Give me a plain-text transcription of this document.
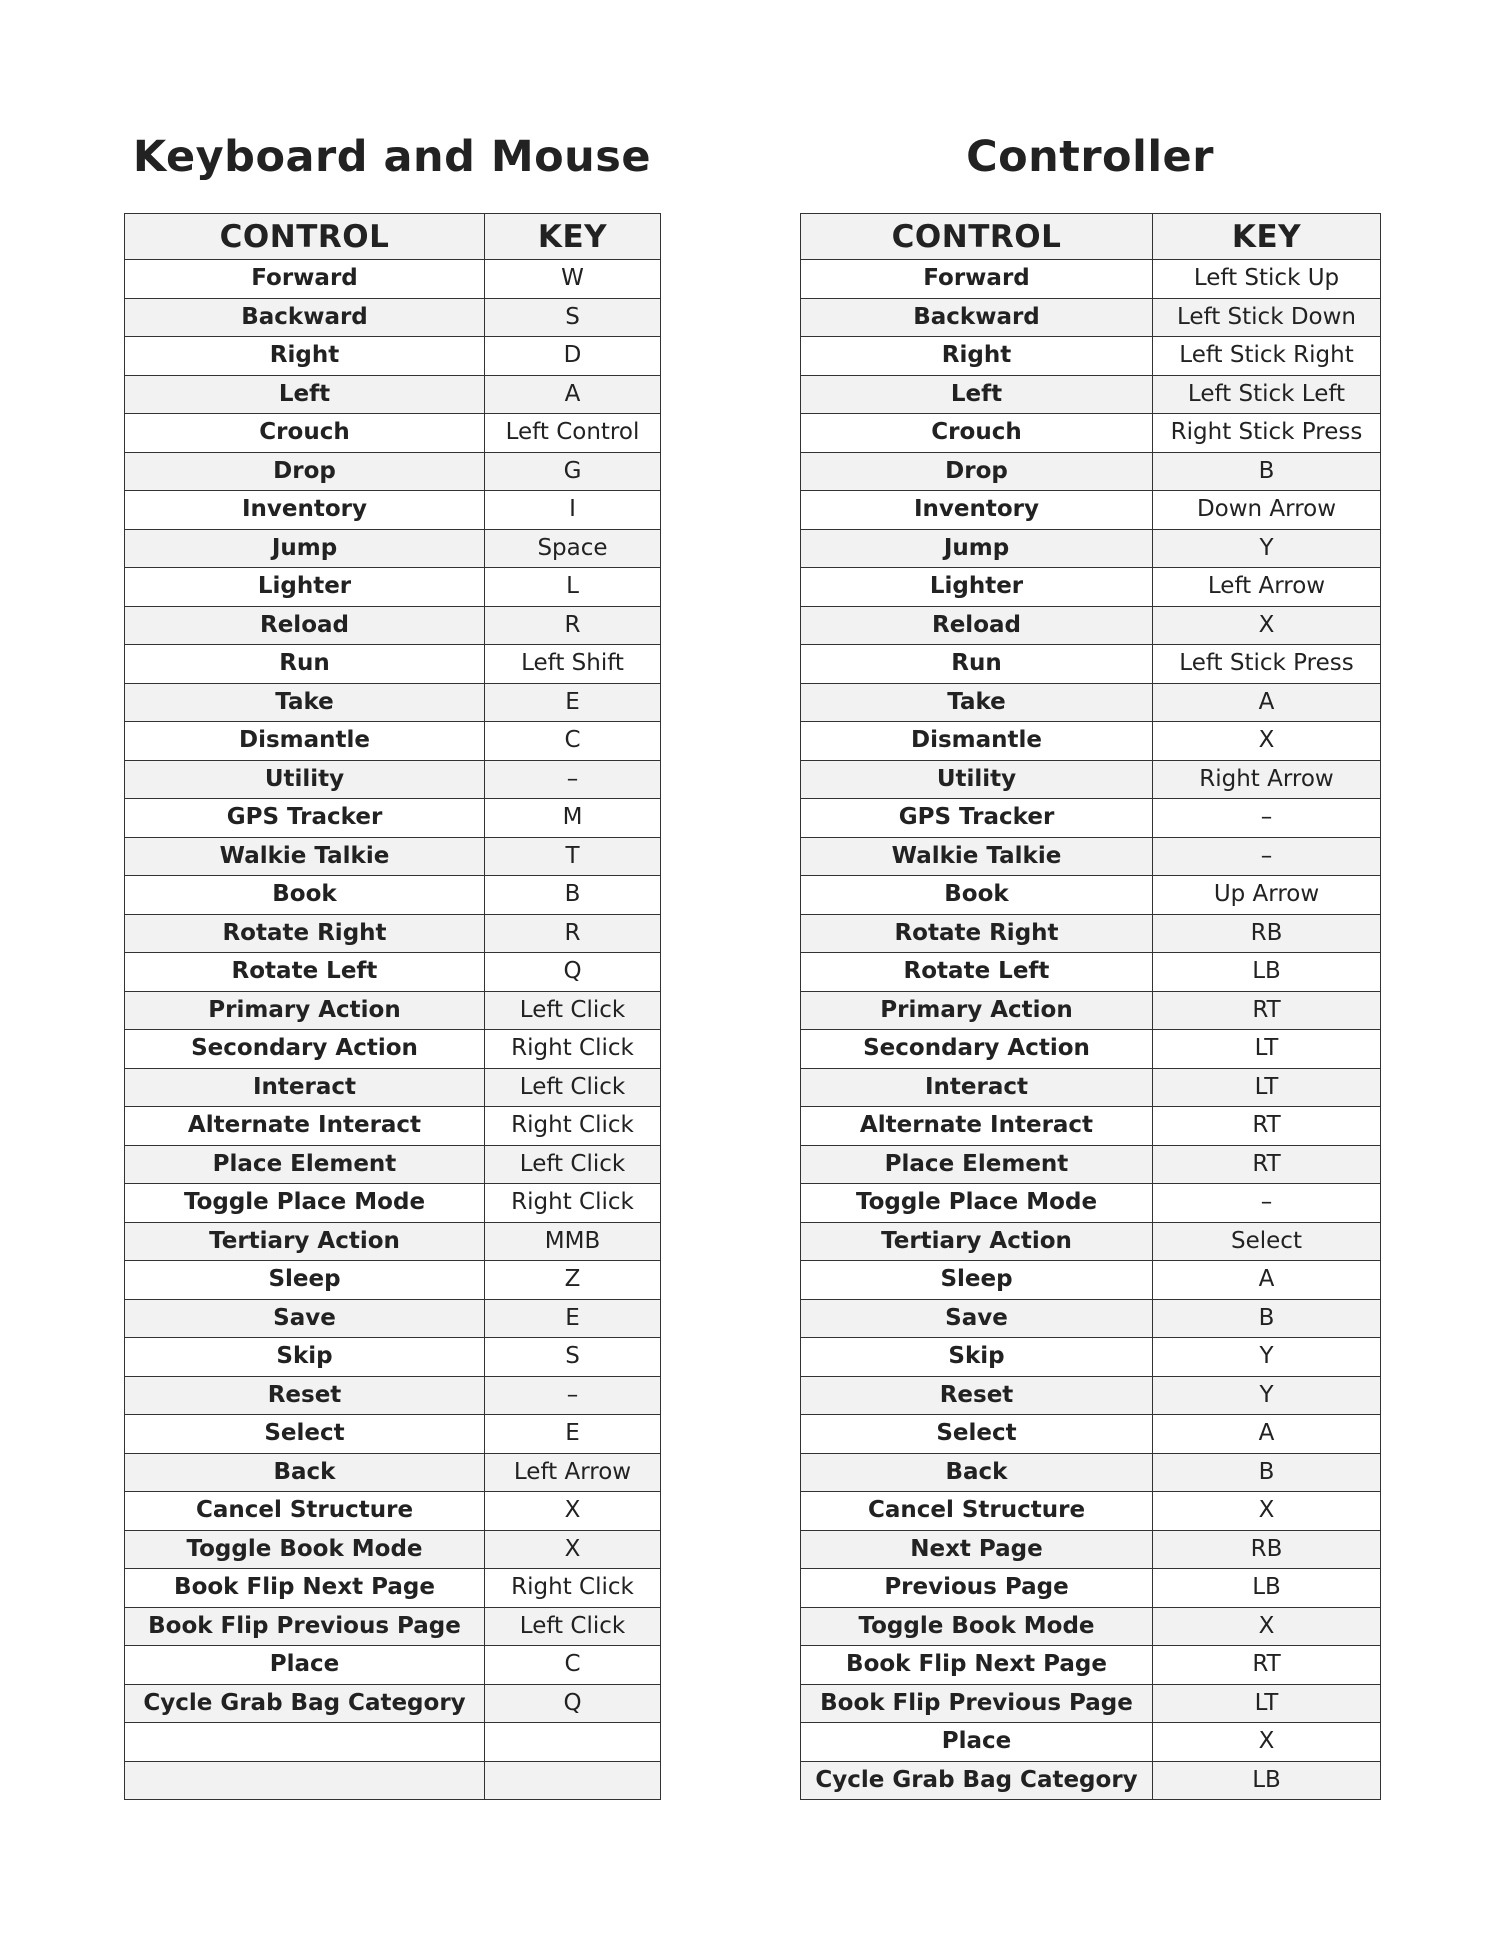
Keyboard and Mouse
CONTROL	KEY
Forward	W
Backward	S
Right	D
Left	A
Crouch	Left Control
Drop	G
Inventory	I
Jump	Space
Lighter	L
Reload	R
Run	Left Shift
Take	E
Dismantle	C
Utility	–
GPS Tracker	M
Walkie Talkie	T
Book	B
Rotate Right	R
Rotate Left	Q
Primary Action	Left Click
Secondary Action	Right Click
Interact	Left Click
Alternate Interact	Right Click
Place Element	Left Click
Toggle Place Mode	Right Click
Tertiary Action	MMB
Sleep	Z
Save	E
Skip	S
Reset	–
Select	E
Back	Left Arrow
Cancel Structure	X
Toggle Book Mode	X
Book Flip Next Page	Right Click
Book Flip Previous Page	Left Click
Place	C
Cycle Grab Bag Category	Q

Controller
CONTROL	KEY
Forward	Left Stick Up
Backward	Left Stick Down
Right	Left Stick Right
Left	Left Stick Left
Crouch	Right Stick Press
Drop	B
Inventory	Down Arrow
Jump	Y
Lighter	Left Arrow
Reload	X
Run	Left Stick Press
Take	A
Dismantle	X
Utility	Right Arrow
GPS Tracker	–
Walkie Talkie	–
Book	Up Arrow
Rotate Right	RB
Rotate Left	LB
Primary Action	RT
Secondary Action	LT
Interact	LT
Alternate Interact	RT
Place Element	RT
Toggle Place Mode	–
Tertiary Action	Select
Sleep	A
Save	B
Skip	Y
Reset	Y
Select	A
Back	B
Cancel Structure	X
Next Page	RB
Previous Page	LB
Toggle Book Mode	X
Book Flip Next Page	RT
Book Flip Previous Page	LT
Place	X
Cycle Grab Bag Category	LB
